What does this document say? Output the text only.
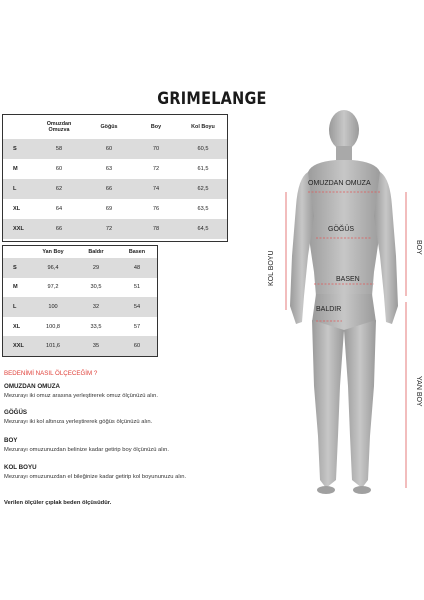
GRIMELANGE
	Omuzdan Omuzva	Göğüs	Boy	Kol Boyu
S	58	60	70	60,5
M	60	63	72	61,5
L	62	66	74	62,5
XL	64	69	76	63,5
XXL	66	72	78	64,5
	Yan Boy	Baldır	Basen
S	96,4	29	48
M	97,2	30,5	51
L	100	32	54
XL	100,8	33,5	57
XXL	101,6	35	60
BEDENİMİ NASIL ÖLÇECEĞİM ?
OMUZDAN OMUZA
Mezurayı iki omuz arasına yerleştirerek omuz ölçünüzü alın.
GÖĞÜS
Mezurayı iki kol altınıza yerleştirerek göğüs ölçünüzü alın.
BOY
Mezurayı omuzunuzdan belinize kadar getirip boy ölçünüzü alın.
KOL BOYU
Mezurayı omuzunuzdan el bileğinize kadar getirip kol boyununuzu alın.
Verilen ölçüler çıplak beden ölçüsüdür.
OMUZDAN OMUZA
GÖĞÜS
BASEN
BALDIR
KOL BOYU
BOY
YAN BOY
